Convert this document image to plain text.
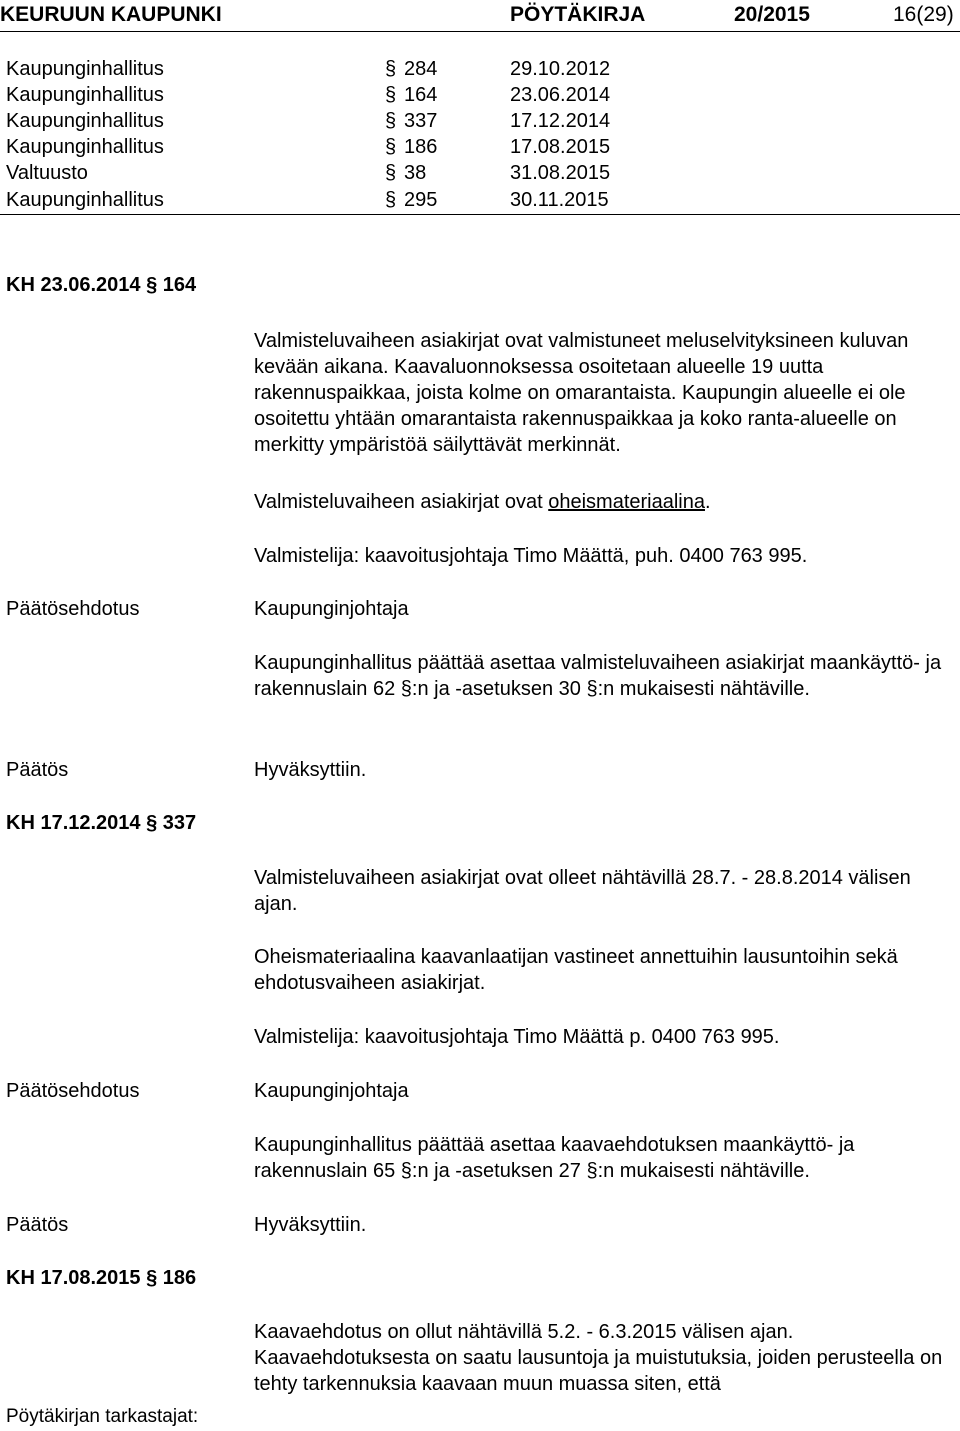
KEURUUN KAUPUNKI	PÖYTÄKIRJA	20/2015	16(29)
Kaupunginhallitus	§ 284	29.10.2012
Kaupunginhallitus	§ 164	23.06.2014
Kaupunginhallitus	§ 337	17.12.2014
Kaupunginhallitus	§ 186	17.08.2015
Valtuusto	§ 38	31.08.2015
Kaupunginhallitus	§ 295	30.11.2015
KH 23.06.2014 § 164

Valmisteluvaiheen asiakirjat ovat valmistuneet meluselvityksineen kuluvan kevään aikana. Kaavaluonnoksessa osoitetaan alueelle 19 uutta rakennuspaikkaa, joista kolme on omarantaista. Kaupungin alueelle ei ole osoitettu yhtään omarantaista rakennuspaikkaa ja koko ranta-alueelle on merkitty ympäristöä säilyttävät merkinnät.

Valmisteluvaiheen asiakirjat ovat oheismateriaalina.

Valmistelija: kaavoitusjohtaja Timo Määttä, puh. 0400 763 995.

Päätösehdotus	Kaupunginjohtaja

Kaupunginhallitus päättää asettaa valmisteluvaiheen asiakirjat maankäyttö- ja rakennuslain 62 §:n ja -asetuksen 30 §:n mukaisesti nähtäville.

Päätös	Hyväksyttiin.
KH 17.12.2014 § 337

Valmisteluvaiheen asiakirjat ovat olleet nähtävillä 28.7. - 28.8.2014 välisen ajan.

Oheismateriaalina kaavanlaatijan vastineet annettuihin lausuntoihin sekä ehdotusvaiheen asiakirjat.

Valmistelija: kaavoitusjohtaja Timo Määttä p. 0400 763 995.

Päätösehdotus	Kaupunginjohtaja

Kaupunginhallitus päättää asettaa kaavaehdotuksen maankäyttö- ja rakennuslain 65 §:n ja -asetuksen 27 §:n mukaisesti nähtäville.

Päätös	Hyväksyttiin.
KH 17.08.2015 § 186

Kaavaehdotus on ollut nähtävillä 5.2. - 6.3.2015 välisen ajan. Kaavaehdotuksesta on saatu lausuntoja ja muistutuksia, joiden perusteella on tehty tarkennuksia kaavaan muun muassa siten, että

Pöytäkirjan tarkastajat:
